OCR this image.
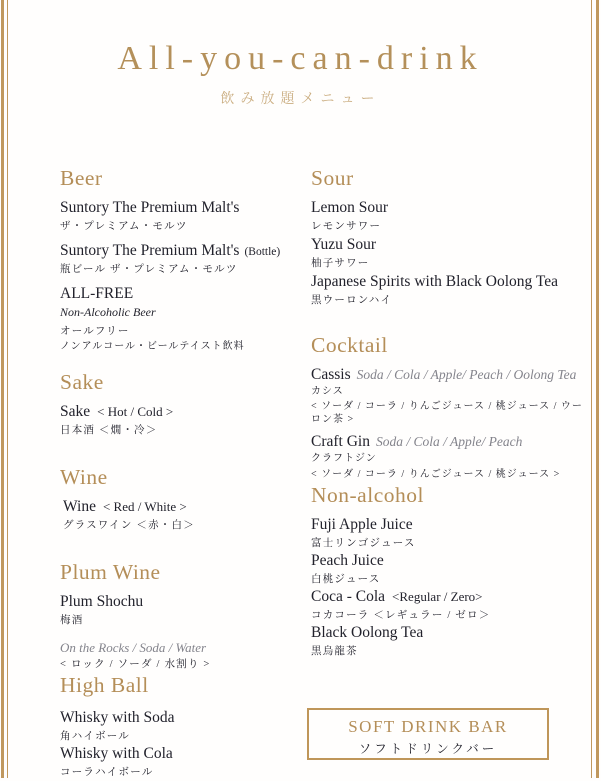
All-you-can-drink
飲み放題メニュー
Beer
Suntory The Premium Malt's
ザ・プレミアム・モルツ
Suntory The Premium Malt's (Bottle)
瓶ビール ザ・プレミアム・モルツ
ALL-FREE
Non-Alcoholic Beer
オールフリー
ノンアルコール・ビールテイスト飲料
Sake
Sake < Hot / Cold >
日本酒 ＜燗・冷＞
Wine
Wine < Red / White >
グラスワイン ＜赤・白＞
Plum Wine
Plum Shochu
梅酒
On the Rocks / Soda / Water
< ロック / ソーダ / 水割り >
High Ball
Whisky with Soda
角ハイボール
Whisky with Cola
コーラハイボール
Sour
Lemon Sour
レモンサワー
Yuzu Sour
柚子サワー
Japanese Spirits with Black Oolong Tea
黒ウーロンハイ
Cocktail
Cassis Soda / Cola / Apple/ Peach / Oolong Tea
カシス
< ソーダ / コーラ / りんごジュース / 桃ジュース / ウーロン茶 >
Craft Gin Soda / Cola / Apple/ Peach
クラフトジン
< ソーダ / コーラ / りんごジュース / 桃ジュース >
Non-alcohol
Fuji Apple Juice
富士リンゴジュース
Peach Juice
白桃ジュース
Coca - Cola <Regular / Zero>
コカコーラ ＜レギュラー / ゼロ＞
Black Oolong Tea
黒烏龍茶
SOFT DRINK BAR
ソフトドリンクバー
